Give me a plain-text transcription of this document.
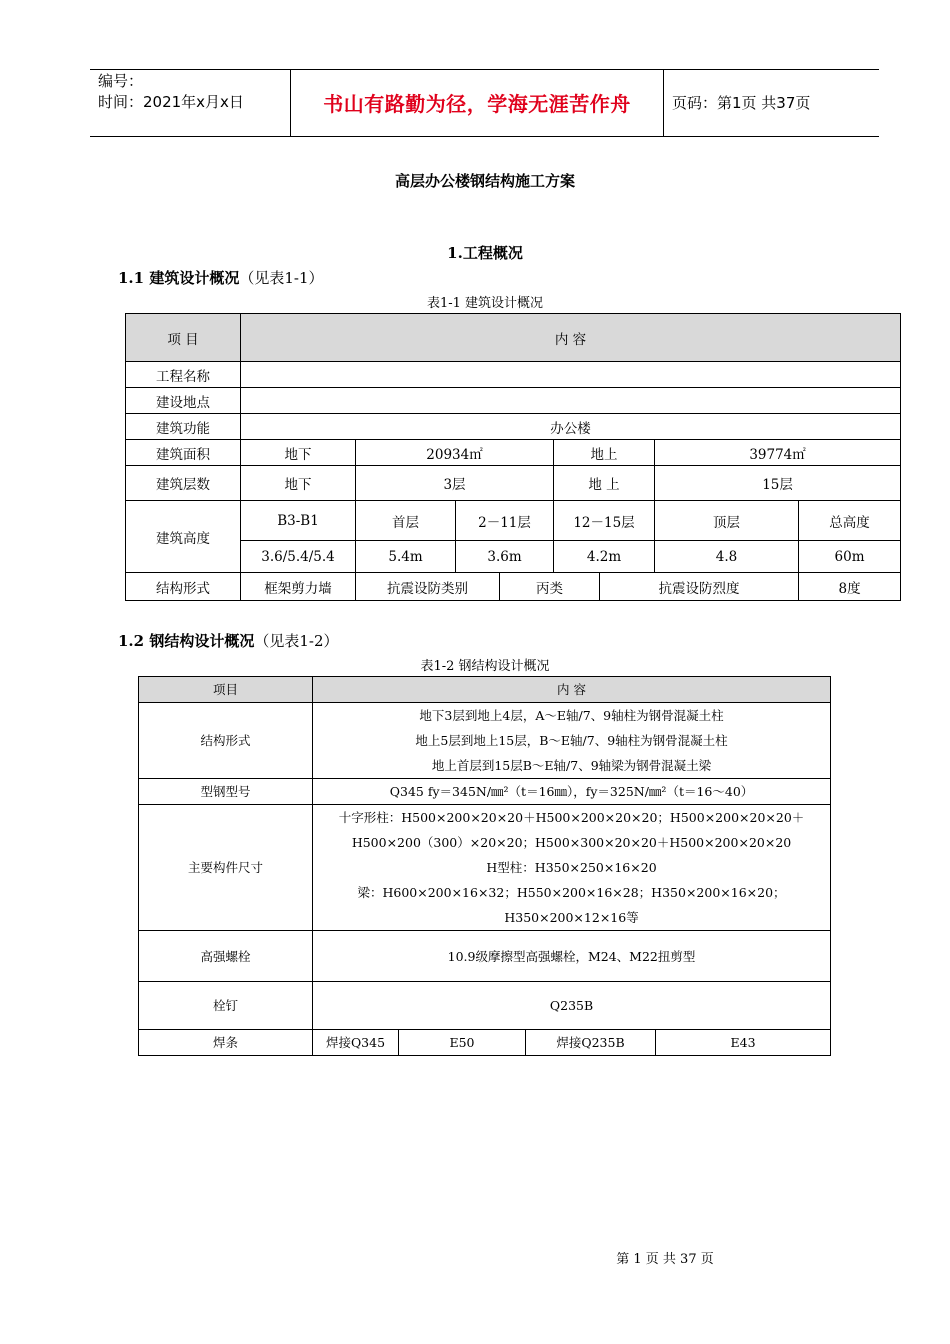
编号：
时间：2021年x月x日	书山有路勤为径，学海无涯苦作舟	页码：第1页 共37页
高层办公楼钢结构施工方案
1.工程概况
1.1 建筑设计概况（见表1-1）
表1-1 建筑设计概况
项 目	内 容							
工程名称								
建设地点								
建筑功能	办公楼							
建筑面积	地下	20934㎡			地上		39774㎡	
建筑层数	地下	3层			地 上		15层	
建筑高度	B3-B1	首层	2－11层		12－15层		顶层	总高度
	3.6/5.4/5.4	5.4m	3.6m		4.2m		4.8	60m
结构形式	框架剪力墙	抗震设防类别		丙类		抗震设防烈度		8度
1.2 钢结构设计概况（见表1-2）
表1-2 钢结构设计概况
项目	内 容			
结构形式	地下3层到地上4层，A～E轴/7、9轴柱为钢骨混凝土柱
地上5层到地上15层，B～E轴/7、9轴柱为钢骨混凝土柱
地上首层到15层B～E轴/7、9轴梁为钢骨混凝土梁			

型钢型号	Q345 fy＝345N/㎜²（t＝16㎜），fy＝325N/㎜²（t＝16～40）			
主要构件尺寸	十字形柱：H500×200×20×20＋H500×200×20×20；H500×200×20×20＋
H500×200（300）×20×20；H500×300×20×20＋H500×200×20×20
H型柱：H350×250×16×20
梁：H600×200×16×32；H550×200×16×28；H350×200×16×20；
H350×200×12×16等			

高强螺栓	10.9级摩擦型高强螺栓，M24、M22扭剪型			
栓钉	Q235B			
焊条	焊接Q345	E50	焊接Q235B	E43
第 1 页 共 37 页
